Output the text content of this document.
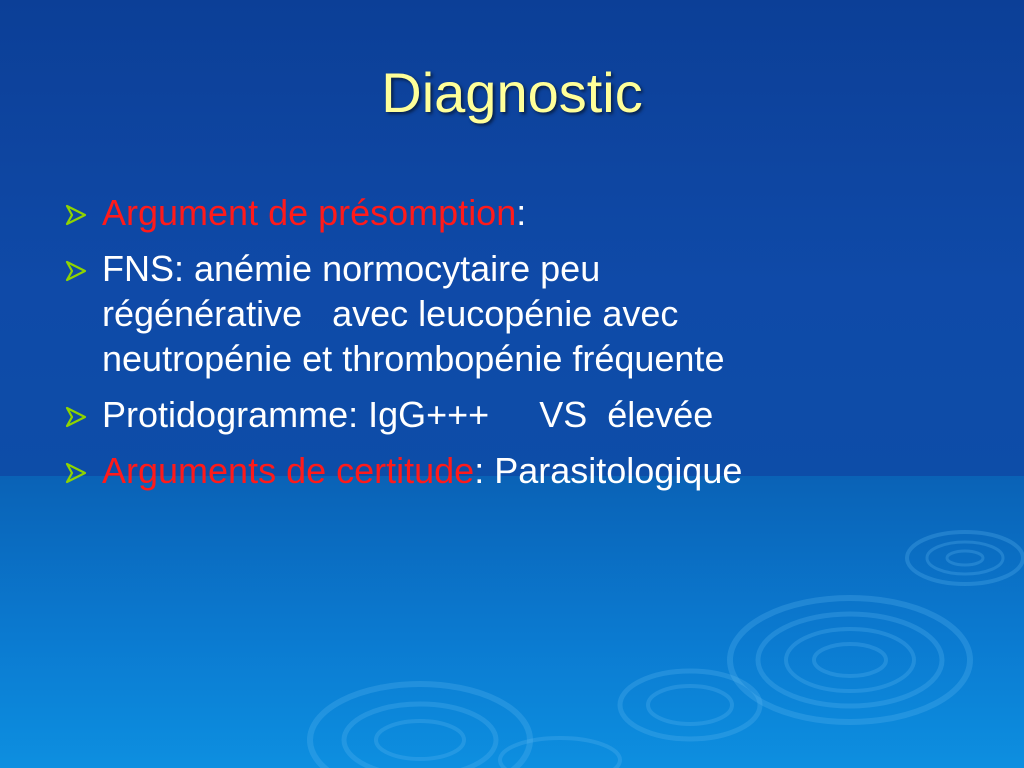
Diagnostic
Argument de présomption:
FNS: anémie normocytaire peu
régénérative   avec leucopénie avec
neutropénie et thrombopénie fréquente
Protidogramme: IgG+++     VS  élevée
Arguments de certitude: Parasitologique
